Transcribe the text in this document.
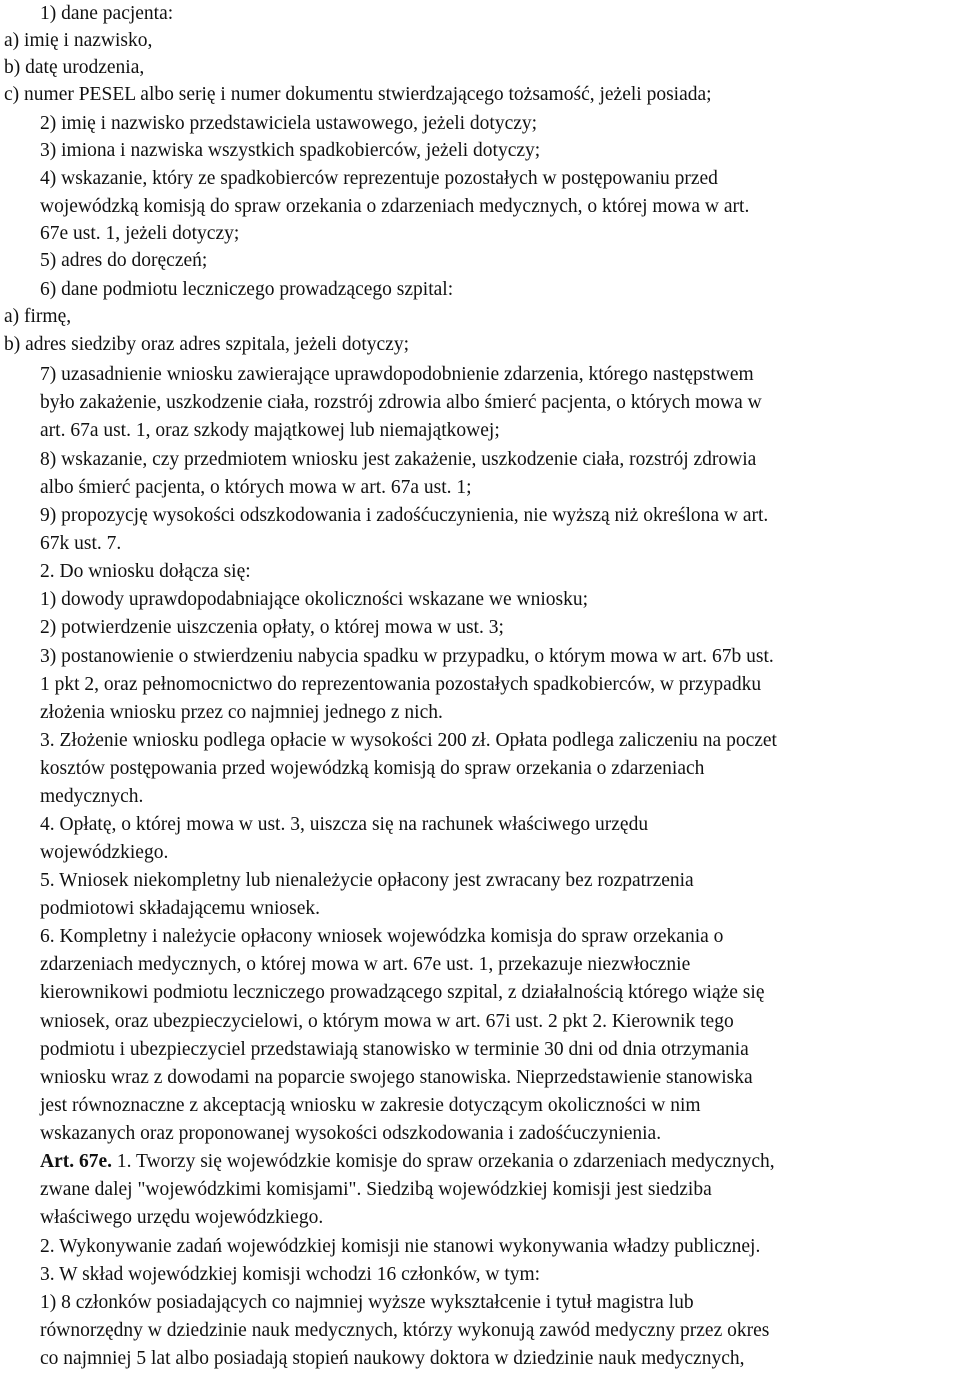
1) dane pacjenta:
a) imię i nazwisko,
b) datę urodzenia,
c) numer PESEL albo serię i numer dokumentu stwierdzającego tożsamość, jeżeli posiada;
2) imię i nazwisko przedstawiciela ustawowego, jeżeli dotyczy;
3) imiona i nazwiska wszystkich spadkobierców, jeżeli dotyczy;
4) wskazanie, który ze spadkobierców reprezentuje pozostałych w postępowaniu przed
wojewódzką komisją do spraw orzekania o zdarzeniach medycznych, o której mowa w art.
67e ust. 1, jeżeli dotyczy;
5) adres do doręczeń;
6) dane podmiotu leczniczego prowadzącego szpital:
a) firmę,
b) adres siedziby oraz adres szpitala, jeżeli dotyczy;
7) uzasadnienie wniosku zawierające uprawdopodobnienie zdarzenia, którego następstwem
było zakażenie, uszkodzenie ciała, rozstrój zdrowia albo śmierć pacjenta, o których mowa w
art. 67a ust. 1, oraz szkody majątkowej lub niemajątkowej;
8) wskazanie, czy przedmiotem wniosku jest zakażenie, uszkodzenie ciała, rozstrój zdrowia
albo śmierć pacjenta, o których mowa w art. 67a ust. 1;
9) propozycję wysokości odszkodowania i zadośćuczynienia, nie wyższą niż określona w art.
67k ust. 7.
2. Do wniosku dołącza się:
1) dowody uprawdopodabniające okoliczności wskazane we wniosku;
2) potwierdzenie uiszczenia opłaty, o której mowa w ust. 3;
3) postanowienie o stwierdzeniu nabycia spadku w przypadku, o którym mowa w art. 67b ust.
1 pkt 2, oraz pełnomocnictwo do reprezentowania pozostałych spadkobierców, w przypadku
złożenia wniosku przez co najmniej jednego z nich.
3. Złożenie wniosku podlega opłacie w wysokości 200 zł. Opłata podlega zaliczeniu na poczet
kosztów postępowania przed wojewódzką komisją do spraw orzekania o zdarzeniach
medycznych.
4. Opłatę, o której mowa w ust. 3, uiszcza się na rachunek właściwego urzędu
wojewódzkiego.
5. Wniosek niekompletny lub nienależycie opłacony jest zwracany bez rozpatrzenia
podmiotowi składającemu wniosek.
6. Kompletny i należycie opłacony wniosek wojewódzka komisja do spraw orzekania o
zdarzeniach medycznych, o której mowa w art. 67e ust. 1, przekazuje niezwłocznie
kierownikowi podmiotu leczniczego prowadzącego szpital, z działalnością którego wiąże się
wniosek, oraz ubezpieczycielowi, o którym mowa w art. 67i ust. 2 pkt 2. Kierownik tego
podmiotu i ubezpieczyciel przedstawiają stanowisko w terminie 30 dni od dnia otrzymania
wniosku wraz z dowodami na poparcie swojego stanowiska. Nieprzedstawienie stanowiska
jest równoznaczne z akceptacją wniosku w zakresie dotyczącym okoliczności w nim
wskazanych oraz proponowanej wysokości odszkodowania i zadośćuczynienia.
Art. 67e. 1. Tworzy się wojewódzkie komisje do spraw orzekania o zdarzeniach medycznych,
zwane dalej "wojewódzkimi komisjami". Siedzibą wojewódzkiej komisji jest siedziba
właściwego urzędu wojewódzkiego.
2. Wykonywanie zadań wojewódzkiej komisji nie stanowi wykonywania władzy publicznej.
3. W skład wojewódzkiej komisji wchodzi 16 członków, w tym:
1) 8 członków posiadających co najmniej wyższe wykształcenie i tytuł magistra lub
równorzędny w dziedzinie nauk medycznych, którzy wykonują zawód medyczny przez okres
co najmniej 5 lat albo posiadają stopień naukowy doktora w dziedzinie nauk medycznych,
